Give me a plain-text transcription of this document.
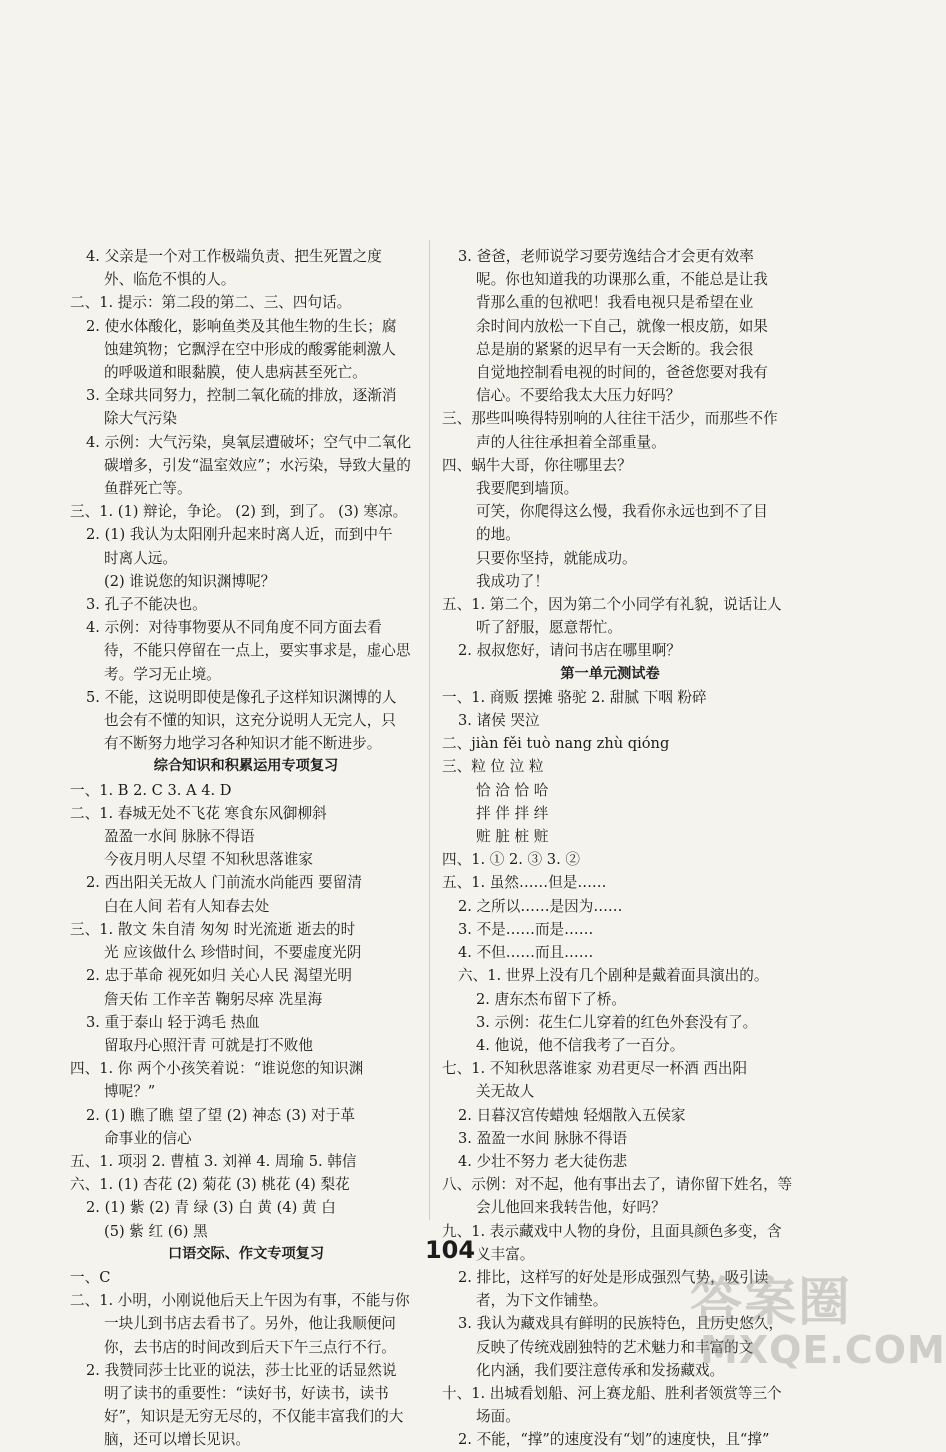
4. 父亲是一个对工作极端负责、把生死置之度
外、临危不惧的人。
二、1. 提示：第二段的第二、三、四句话。
2. 使水体酸化，影响鱼类及其他生物的生长；腐
蚀建筑物；它飘浮在空中形成的酸雾能刺激人
的呼吸道和眼黏膜，使人患病甚至死亡。
3. 全球共同努力，控制二氧化硫的排放，逐渐消
除大气污染
4. 示例：大气污染，臭氧层遭破坏；空气中二氧化
碳增多，引发“温室效应”；水污染，导致大量的
鱼群死亡等。
三、1. (1) 辩论，争论。 (2) 到，到了。 (3) 寒凉。
2. (1) 我认为太阳刚升起来时离人近，而到中午
时离人远。
(2) 谁说您的知识渊博呢？
3. 孔子不能决也。
4. 示例：对待事物要从不同角度不同方面去看
待，不能只停留在一点上，要实事求是，虚心思
考。学习无止境。
5. 不能，这说明即使是像孔子这样知识渊博的人
也会有不懂的知识，这充分说明人无完人，只
有不断努力地学习各种知识才能不断进步。
综合知识和积累运用专项复习
一、1. B 2. C 3. A 4. D
二、1. 春城无处不飞花 寒食东风御柳斜
盈盈一水间 脉脉不得语
今夜月明人尽望 不知秋思落谁家
2. 西出阳关无故人 门前流水尚能西 要留清
白在人间 若有人知春去处
三、1. 散文 朱自清 匆匆 时光流逝 逝去的时
光 应该做什么 珍惜时间，不要虚度光阴
2. 忠于革命 视死如归 关心人民 渴望光明
詹天佑 工作辛苦 鞠躬尽瘁 冼星海
3. 重于泰山 轻于鸿毛 热血
留取丹心照汗青 可就是打不败他
四、1. 你 两个小孩笑着说：“谁说您的知识渊
博呢？”
2. (1) 瞧了瞧 望了望 (2) 神态 (3) 对于革
命事业的信心
五、1. 项羽 2. 曹植 3. 刘禅 4. 周瑜 5. 韩信
六、1. (1) 杏花 (2) 菊花 (3) 桃花 (4) 梨花
2. (1) 紫 (2) 青 绿 (3) 白 黄 (4) 黄 白
(5) 紫 红 (6) 黑
口语交际、作文专项复习
一、C
二、1. 小明，小刚说他后天上午因为有事，不能与你
一块儿到书店去看书了。另外，他让我顺便问
你，去书店的时间改到后天下午三点行不行。
2. 我赞同莎士比亚的说法，莎士比亚的话显然说
明了读书的重要性：“读好书，好读书，读书
好”，知识是无穷无尽的，不仅能丰富我们的大
脑，还可以增长见识。
3. 爸爸，老师说学习要劳逸结合才会更有效率
呢。你也知道我的功课那么重，不能总是让我
背那么重的包袱吧！我看电视只是希望在业
余时间内放松一下自己，就像一根皮筋，如果
总是崩的紧紧的迟早有一天会断的。我会很
自觉地控制看电视的时间的，爸爸您要对我有
信心。不要给我太大压力好吗？
三、那些叫唤得特别响的人往往干活少，而那些不作
声的人往往承担着全部重量。
四、蜗牛大哥，你往哪里去？
我要爬到墙顶。
可笑，你爬得这么慢，我看你永远也到不了目
的地。
只要你坚持，就能成功。
我成功了！
五、1. 第二个，因为第二个小同学有礼貌，说话让人
听了舒服，愿意帮忙。
2. 叔叔您好，请问书店在哪里啊？
第一单元测试卷
一、1. 商贩 摆摊 骆驼 2. 甜腻 下咽 粉碎
3. 诸侯 哭泣
二、jiàn fěi tuò nang zhù qióng
三、粒 位 泣 粒
恰 洽 恰 哈
拌 伴 拌 绊
赃 脏 桩 赃
四、1. ① 2. ③ 3. ②
五、1. 虽然……但是……
2. 之所以……是因为……
3. 不是……而是……
4. 不但……而且……
六、1. 世界上没有几个剧种是戴着面具演出的。
2. 唐东杰布留下了桥。
3. 示例：花生仁儿穿着的红色外套没有了。
4. 他说，他不信我考了一百分。
七、1. 不知秋思落谁家 劝君更尽一杯酒 西出阳
关无故人
2. 日暮汉宫传蜡烛 轻烟散入五侯家
3. 盈盈一水间 脉脉不得语
4. 少壮不努力 老大徒伤悲
八、示例：对不起，他有事出去了，请你留下姓名，等
会儿他回来我转告他，好吗？
九、1. 表示藏戏中人物的身份，且面具颜色多变，含
义丰富。
2. 排比，这样写的好处是形成强烈气势，吸引读
者，为下文作铺垫。
3. 我认为藏戏具有鲜明的民族特色，且历史悠久，
反映了传统戏剧独特的艺术魅力和丰富的文
化内涵，我们要注意传承和发扬藏戏。
十、1. 出城看划船、河上赛龙船、胜利者领赏等三个
场面。
2. 不能，“撑”的速度没有“划”的速度快，且“撑”
104
答案圈
MXQE.COM
